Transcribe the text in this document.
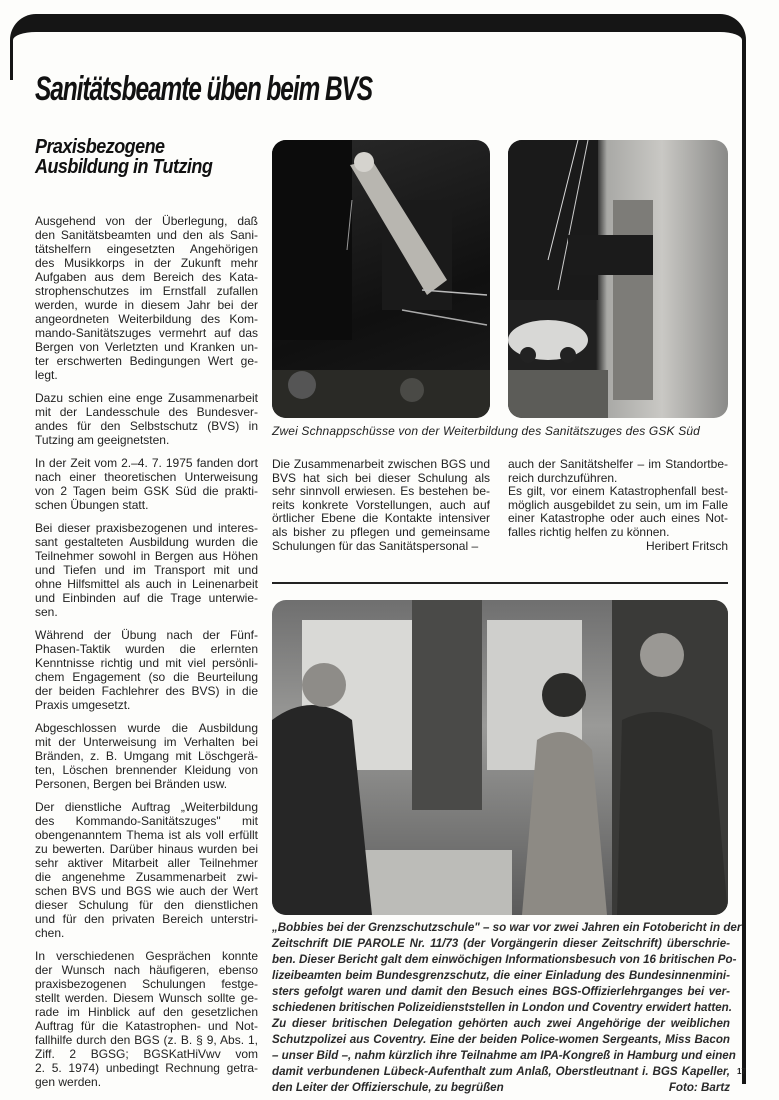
Sanitätsbeamte üben beim BVS
Praxisbezogene
Ausbildung in Tutzing

Ausgehend von der Überlegung, daß
den Sanitätsbeamten und den als Sani-
tätshelfern eingesetzten Angehörigen
des Musikkorps in der Zukunft mehr
Aufgaben aus dem Bereich des Kata-
strophenschutzes im Ernstfall zufallen
werden, wurde in diesem Jahr bei der
angeordneten Weiterbildung des Kom-
mando-Sanitätszuges vermehrt auf das
Bergen von Verletzten und Kranken un-
ter erschwerten Bedingungen Wert ge-
legt.

Dazu schien eine enge Zusammenarbeit
mit der Landesschule des Bundesver-
andes für den Selbstschutz (BVS) in
Tutzing am geeignetsten.

In der Zeit vom 2.–4. 7. 1975 fanden dort
nach einer theoretischen Unterweisung
von 2 Tagen beim GSK Süd die prakti-
schen Übungen statt.

Bei dieser praxisbezogenen und interes-
sant gestalteten Ausbildung wurden die
Teilnehmer sowohl in Bergen aus Höhen
und Tiefen und im Transport mit und
ohne Hilfsmittel als auch in Leinenarbeit
und Einbinden auf die Trage unterwie-
sen.

Während der Übung nach der Fünf-
Phasen-Taktik wurden die erlernten
Kenntnisse richtig und mit viel persönli-
chem Engagement (so die Beurteilung
der beiden Fachlehrer des BVS) in die
Praxis umgesetzt.

Abgeschlossen wurde die Ausbildung
mit der Unterweisung im Verhalten bei
Bränden, z. B. Umgang mit Löschgerä-
ten, Löschen brennender Kleidung von
Personen, Bergen bei Bränden usw.

Der dienstliche Auftrag „Weiterbildung
des Kommando-Sanitätszuges" mit
obengenanntem Thema ist als voll erfüllt
zu bewerten. Darüber hinaus wurden bei
sehr aktiver Mitarbeit aller Teilnehmer
die angenehme Zusammenarbeit zwi-
schen BVS und BGS wie auch der Wert
dieser Schulung für den dienstlichen
und für den privaten Bereich unterstri-
chen.

In verschiedenen Gesprächen konnte
der Wunsch nach häufigeren, ebenso
praxisbezogenen Schulungen festge-
stellt werden. Diesem Wunsch sollte ge-
rade im Hinblick auf den gesetzlichen
Auftrag für die Katastrophen- und Not-
fallhilfe durch den BGS (z. B. § 9, Abs. 1,
Ziff. 2 BGSG; BGSKatHiVwv vom
2. 5. 1974) unbedingt Rechnung getra-
gen werden.

Zwei Schnappschüsse von der Weiterbildung des Sanitätszuges des GSK Süd

Die Zusammenarbeit zwischen BGS und
BVS hat sich bei dieser Schulung als
sehr sinnvoll erwiesen. Es bestehen be-
reits konkrete Vorstellungen, auch auf
örtlicher Ebene die Kontakte intensiver
als bisher zu pflegen und gemeinsame
Schulungen für das Sanitätspersonal –

auch der Sanitätshelfer – im Standortbe-
reich durchzuführen.

Es gilt, vor einem Katastrophenfall best-
möglich ausgebildet zu sein, um im Falle
einer Katastrophe oder auch eines Not-
falles richtig helfen zu können.

Heribert Fritsch
„Bobbies bei der Grenzschutzschule" – so war vor zwei Jahren ein Fotobericht in der
Zeitschrift DIE PAROLE Nr. 11/73 (der Vorgängerin dieser Zeitschrift) überschrie-
ben. Dieser Bericht galt dem einwöchigen Informationsbesuch von 16 britischen Po-
lizeibeamten beim Bundesgrenzschutz, die einer Einladung des Bundesinnenmini-
sters gefolgt waren und damit den Besuch eines BGS-Offizierlehrganges bei ver-
schiedenen britischen Polizeidienststellen in London und Coventry erwidert hatten.
Zu dieser britischen Delegation gehörten auch zwei Angehörige der weiblichen
Schutzpolizei aus Coventry. Eine der beiden Police-women Sergeants, Miss Bacon
– unser Bild –, nahm kürzlich ihre Teilnahme am IPA-Kongreß in Hamburg und einen
damit verbundenen Lübeck-Aufenthalt zum Anlaß, Oberstleutnant i. BGS Kapeller,
den Leiter der Offizierschule, zu begrüßen	Foto: Bartz
17
